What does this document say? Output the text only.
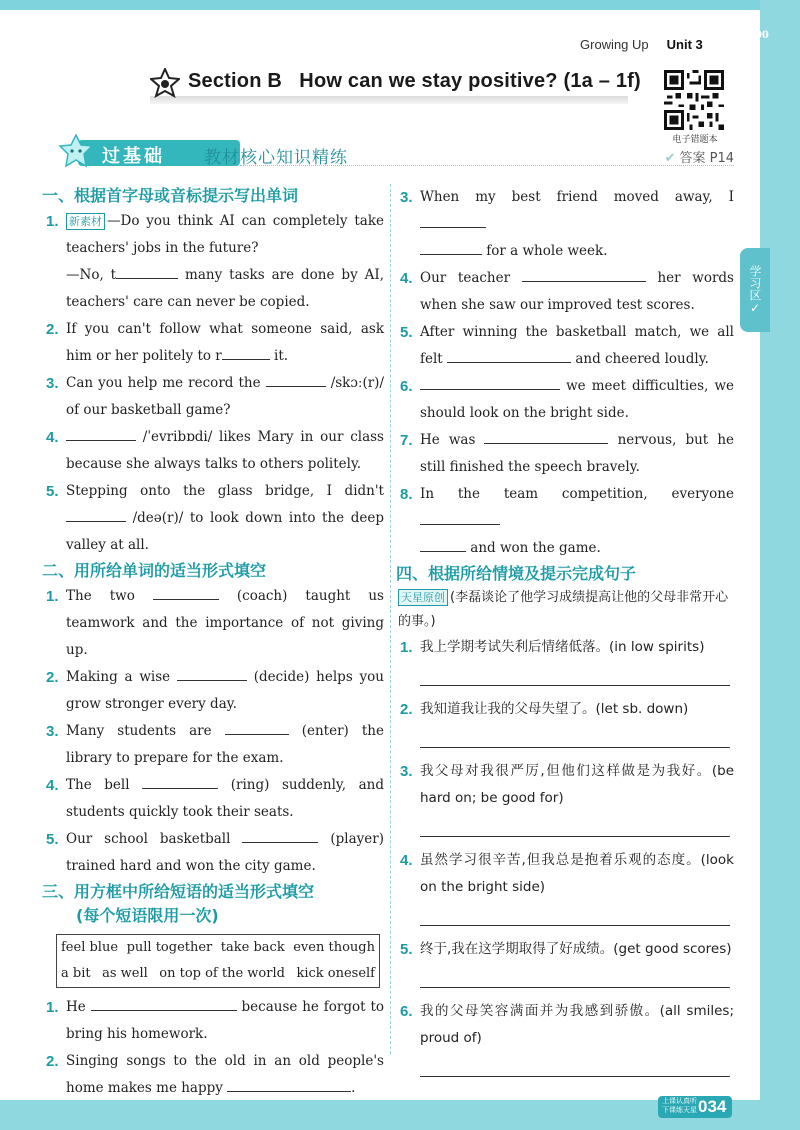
100
学习区
✓
Growing Up Unit 3
Section B   How can we stay positive? (1a – 1f)
电子错题本
过基础 教材核心知识精练	✔ 答案 P14
一、根据首字母或音标提示写出单词
1. 新素材 —Do you think AI can completely take teachers' jobs in the future?
—No, t	many tasks are done by AI, teachers' care can never be copied.
2. If you can't follow what someone said, ask him or her politely to r	it.
3. Can you help me record the	/skɔː(r)/ of our basketball game?
4.	/ˈevribɒdi/ likes Mary in our class because she always talks to others politely.
5. Stepping onto the glass bridge, I didn't  /deə(r)/ to look down into the deep valley at all.
二、用所给单词的适当形式填空
1. The two	(coach) taught us teamwork and the importance of not giving up.
2. Making a wise	(decide) helps you grow stronger every day.
3. Many students are	(enter) the library to prepare for the exam.
4. The bell	(ring) suddenly, and students quickly took their seats.
5. Our school basketball	(player) trained hard and won the city game.
三、用方框中所给短语的适当形式填空
(每个短语限用一次)
feel blue pull together take back even though
a bit as well on top of the world kick oneself
1. He	because he forgot to bring his homework.
2. Singing songs to the old in an old people's home makes me happy	.
3. When my best friend moved away, I
for a whole week.
4. Our teacher	her words when she saw our improved test scores.
5. After winning the basketball match, we all felt	and cheered loudly.
6.	we meet difficulties, we should look on the bright side.
7. He was	nervous, but he still finished the speech bravely.
8. In the team competition, everyone
and won the game.
四、根据所给情境及提示完成句子
天星原创 (李磊谈论了他学习成绩提高让他的父母非常开心的事。)
1. 我上学期考试失利后情绪低落。(in low spirits)
2. 我知道我让我的父母失望了。(let sb. down)
3. 我父母对我很严厉,但他们这样做是为我好。(be hard on; be good for)
4. 虽然学习很辛苦,但我总是抱着乐观的态度。(look on the bright side)
5. 终于,我在这学期取得了好成绩。(get good scores)
6. 我的父母笑容满面并为我感到骄傲。(all smiles; proud of)
上课认真听
下课练天星 034
